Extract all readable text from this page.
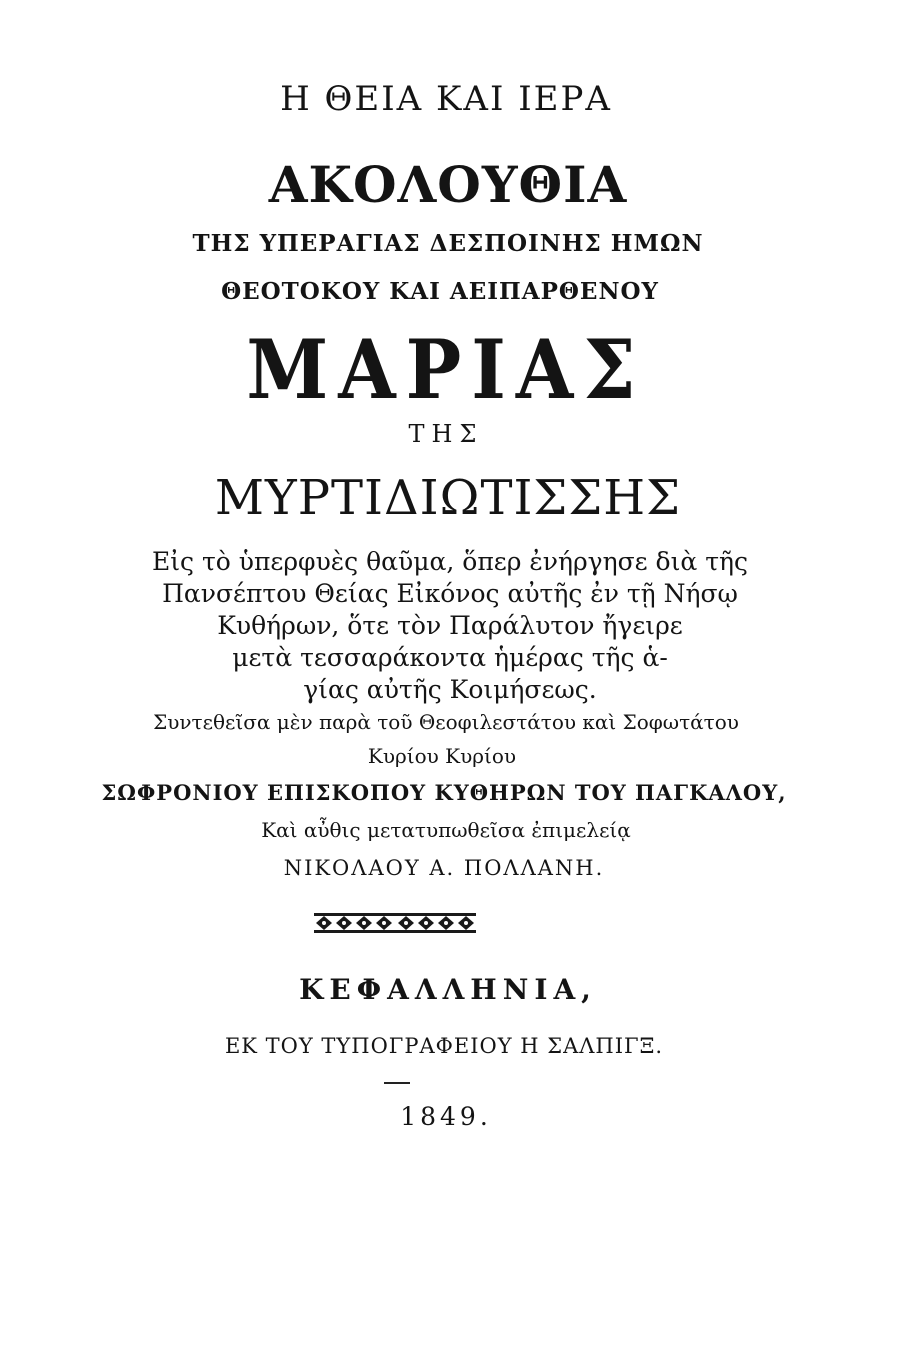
Η ΘΕΙΑ ΚΑΙ ΙΕΡΑ
ΑΚΟΛΟΥΘΙΑ
ΤΗΣ ΥΠΕΡΑΓΙΑΣ ΔΕΣΠΟΙΝΗΣ ΗΜΩΝ
ΘΕΟΤΟΚΟΥ ΚΑΙ ΑΕΙΠΑΡΘΕΝΟΥ
ΜΑΡΙΑΣ
ΤΗΣ
ΜΥΡΤΙΔΙΩΤΙΣΣΗΣ
Εἰς τὸ ὑπερφυὲς θαῦμα, ὅπερ ἐνήργησε διὰ τῆς
Πανσέπτου Θείας Εἰκόνος αὐτῆς ἐν τῇ Νήσῳ
Κυθήρων, ὅτε τὸν Παράλυτον ἤγειρε
μετὰ τεσσαράκοντα ἡμέρας τῆς ἁ-
γίας αὐτῆς Κοιμήσεως.
Συντεθεῖσα μὲν παρὰ τοῦ Θεοφιλεστάτου καὶ Σοφωτάτου
Κυρίου Κυρίου
ΣΩΦΡΟΝΙΟΥ ΕΠΙΣΚΟΠΟΥ ΚΥΘΗΡΩΝ ΤΟΥ ΠΑΓΚΑΛΟΥ,
Καὶ αὖθις μετατυπωθεῖσα ἐπιμελείᾳ
ΝΙΚΟΛΑΟΥ Α. ΠΟΛΛΑΝΗ.
ΚΕΦΑΛΛΗΝΙΑ,
ΕΚ ΤΟΥ ΤΥΠΟΓΡΑΦΕΙΟΥ Η ΣΑΛΠΙΓΞ.
1849.
